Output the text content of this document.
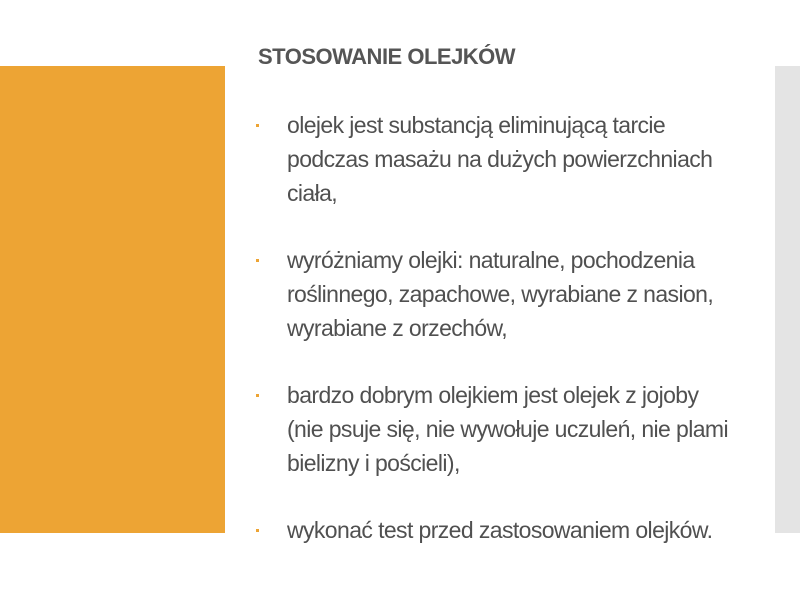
STOSOWANIE OLEJKÓW
olejek jest substancją eliminującą tarcie podczas masażu na dużych powierzchniach ciała,
wyróżniamy olejki: naturalne, pochodzenia roślinnego, zapachowe, wyrabiane z nasion, wyrabiane z orzechów,
bardzo dobrym olejkiem jest olejek z jojoby (nie psuje się, nie wywołuje uczuleń, nie plami bielizny i pościeli),
wykonać test przed zastosowaniem olejków.
